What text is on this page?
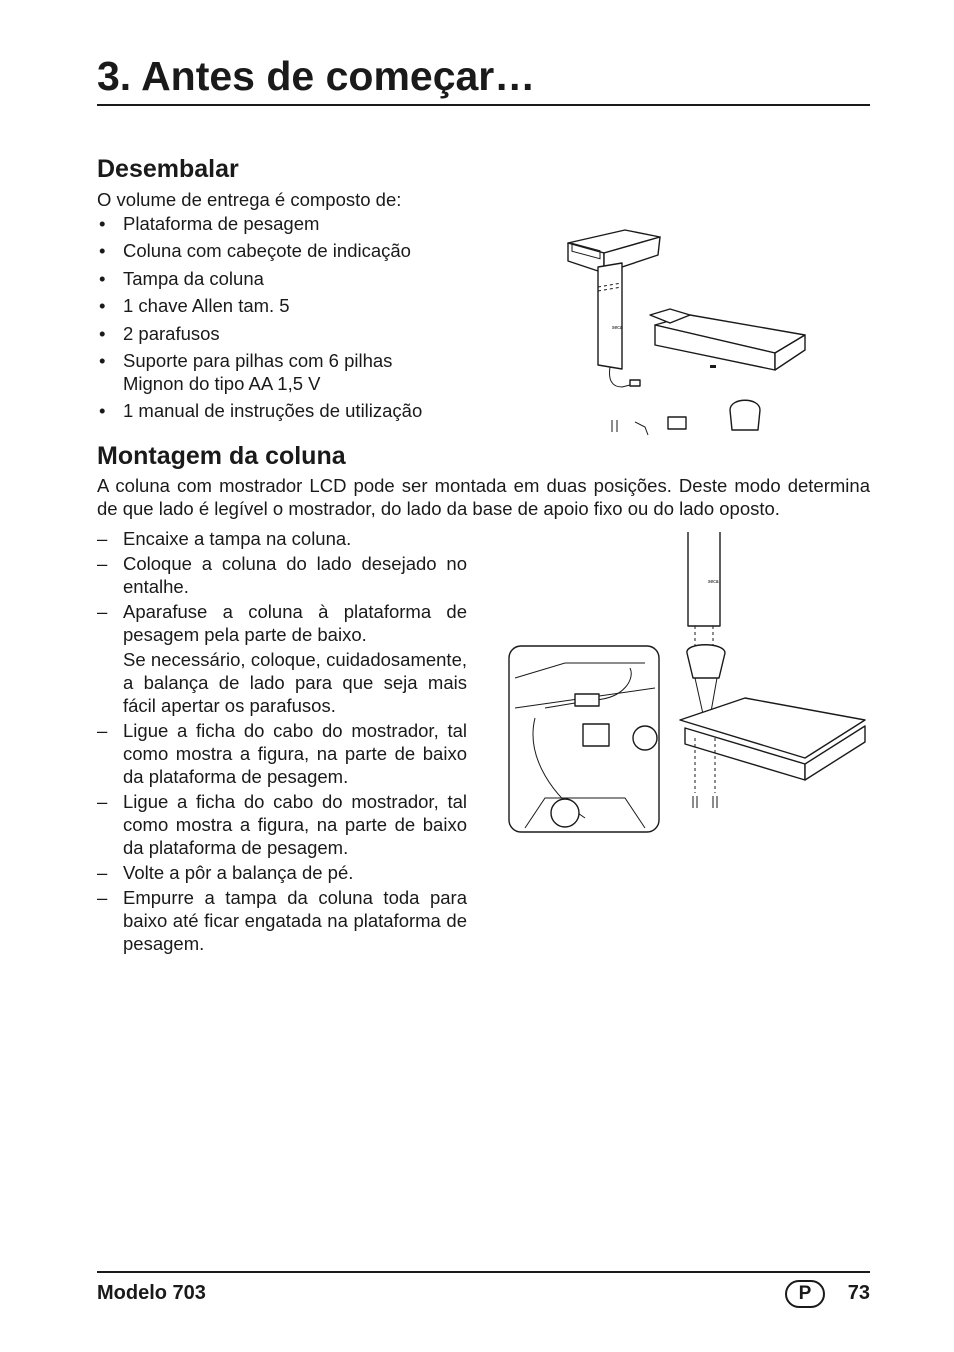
3. Antes de começar…
Desembalar
O volume de entrega é composto de:
• Plataforma de pesagem
• Coluna com cabeçote de indicação
• Tampa da coluna
• 1 chave Allen tam. 5
• 2 parafusos
• Suporte para pilhas com 6 pilhas Mignon do tipo AA 1,5 V
• 1 manual de instruções de utilização
seca
Montagem da coluna
A coluna com mostrador LCD pode ser montada em duas posições. Deste modo determina de que lado é legível o mostrador, do lado da base de apoio fixo ou do lado oposto.
– Encaixe a tampa na coluna.
– Coloque a coluna do lado desejado no entalhe.
– Aparafuse a coluna à plataforma de pesagem pela parte de baixo.
Se necessário, coloque, cuidadosamente, a balança de lado para que seja mais fácil apertar os parafusos.
– Ligue a ficha do cabo do mostrador, tal como mostra a figura, na parte de baixo da plataforma de pesagem.
– Ligue a ficha do cabo do mostrador, tal como mostra a figura, na parte de baixo da plataforma de pesagem.
– Volte a pôr a balança de pé.
– Empurre a tampa da coluna toda para baixo até ficar engatada na plataforma de pesagem.
seca
Modelo 703	P	73
